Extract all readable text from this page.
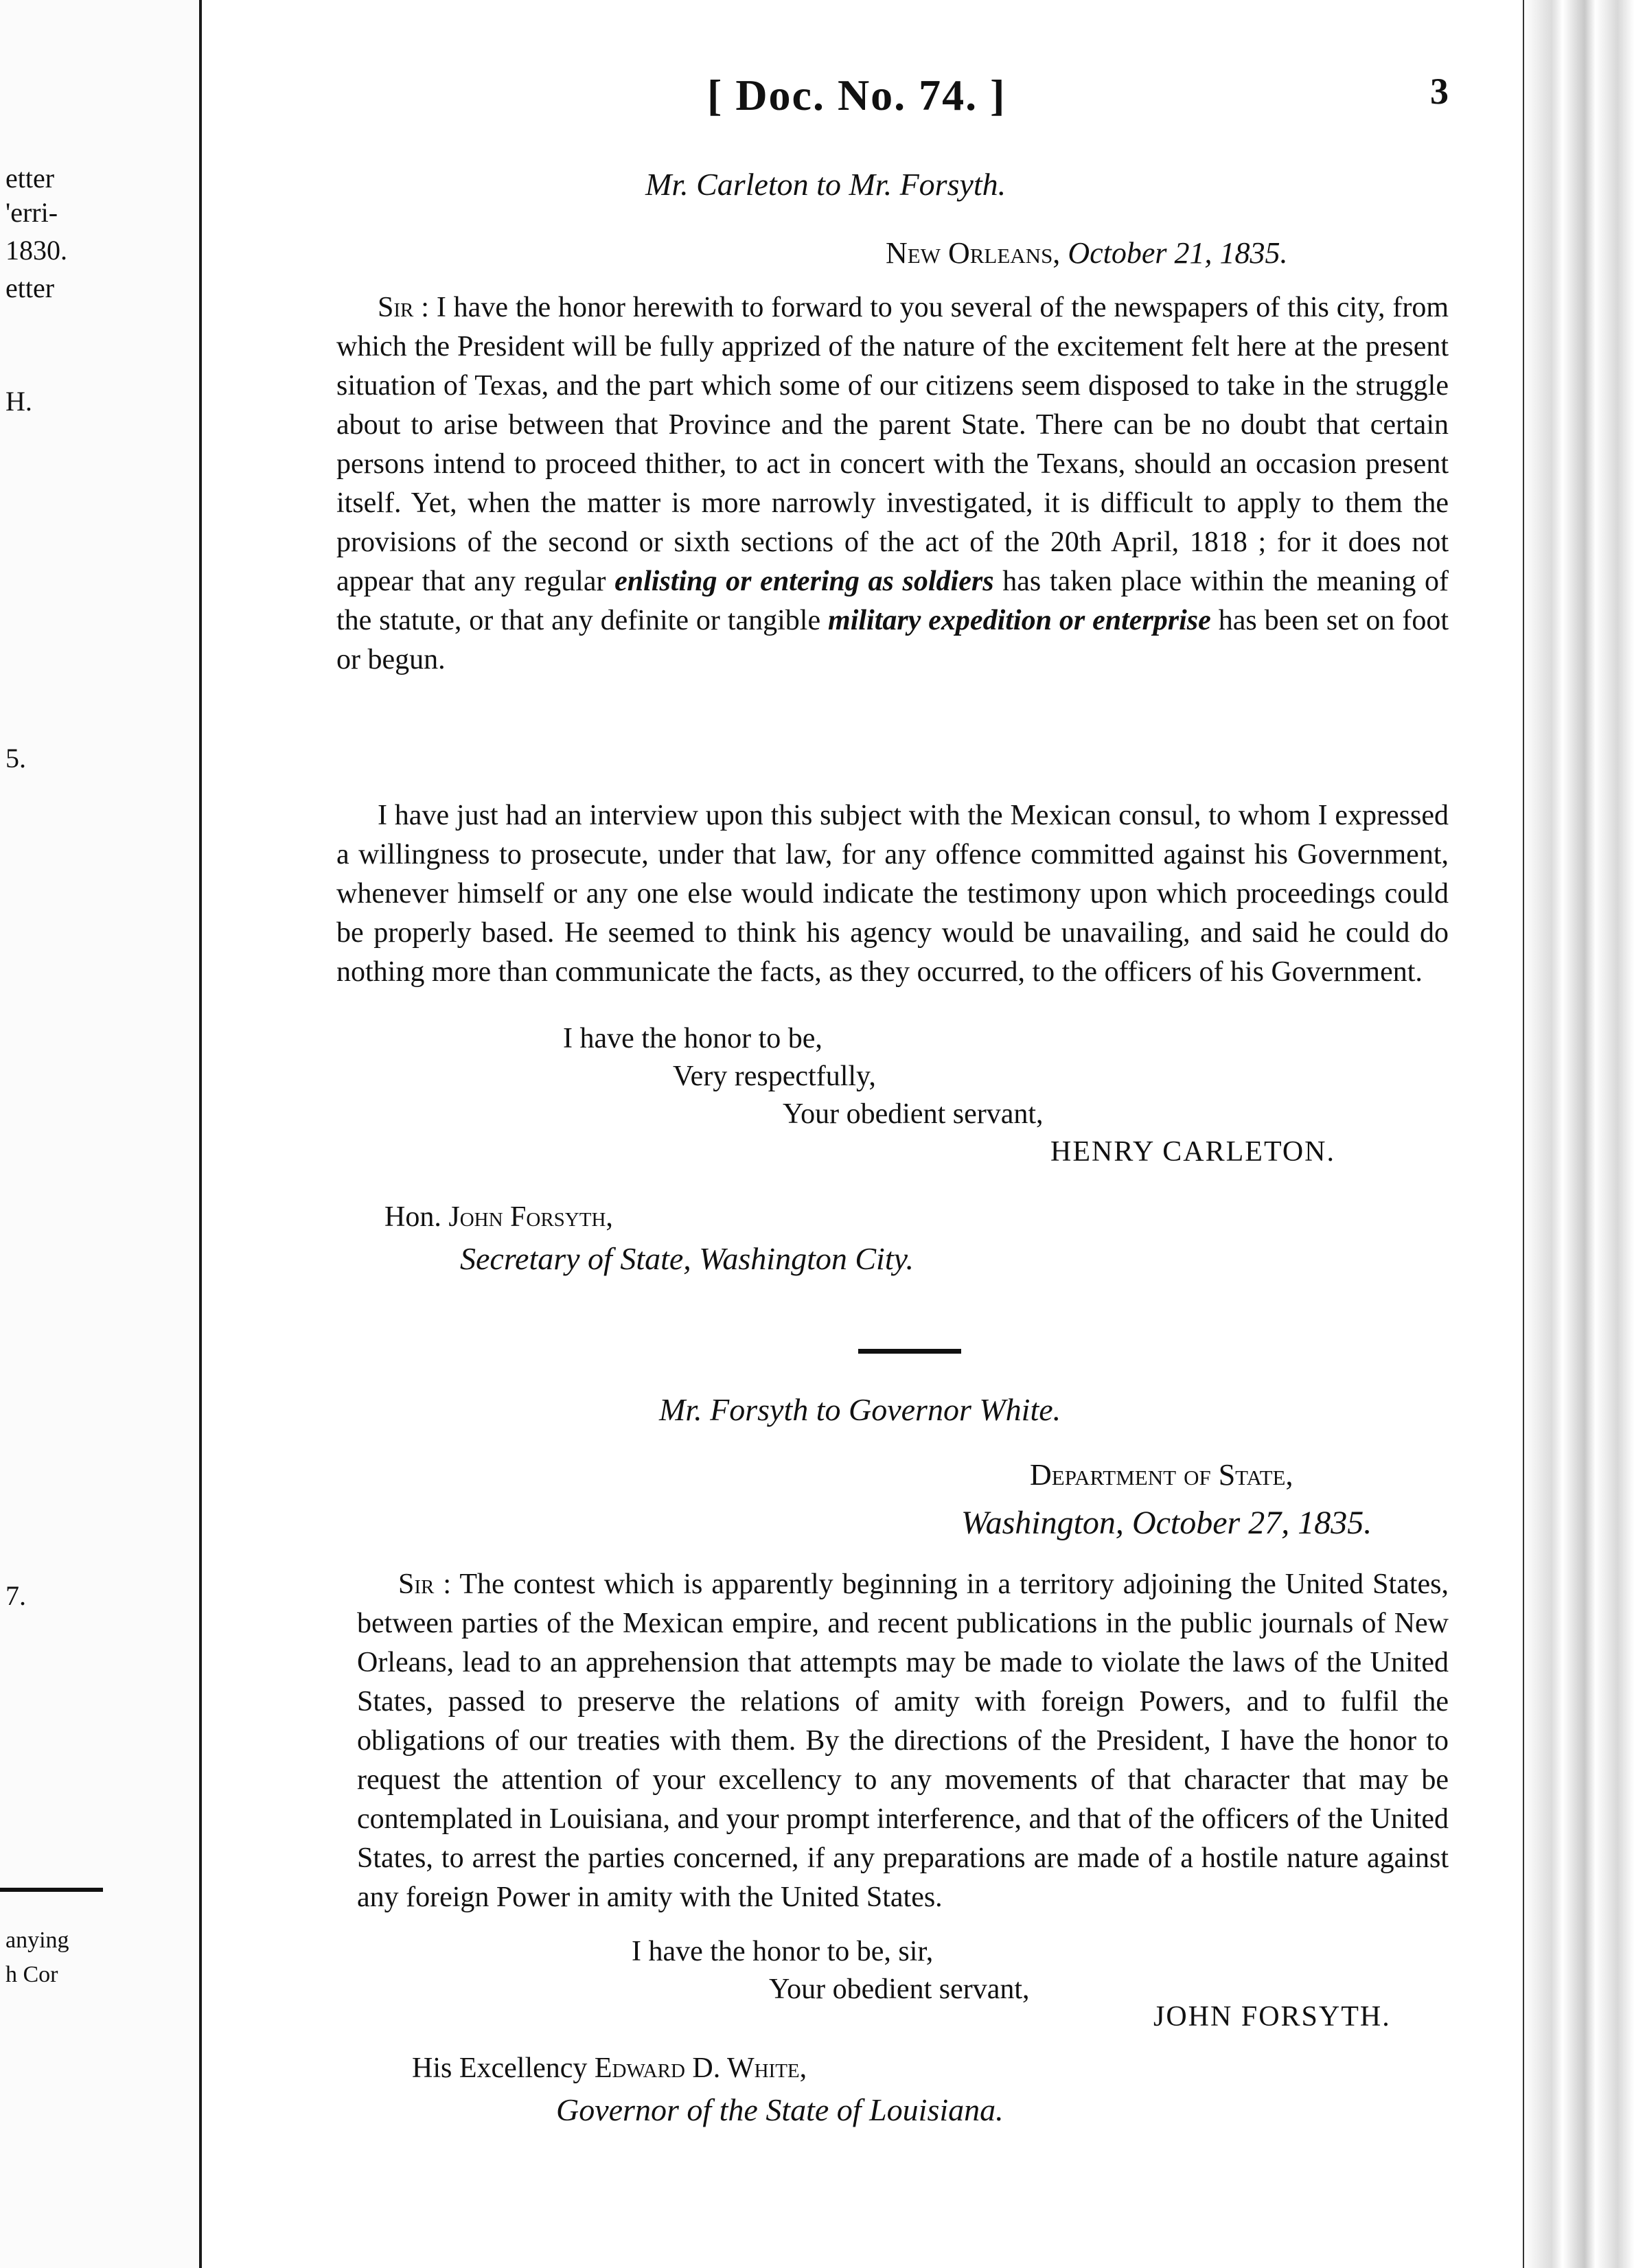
etter
'erri-
1830.
etter
H.
5.
7.
anying
h Cor
[ Doc. No. 74. ]	3
Mr. Carleton to Mr. Forsyth.
New Orleans, October 21, 1835.
Sir : I have the honor herewith to forward to you several of the newspapers of this city, from which the President will be fully apprized of the nature of the excitement felt here at the present situation of Texas, and the part which some of our citizens seem disposed to take in the struggle about to arise between that Province and the parent State. There can be no doubt that certain persons intend to proceed thither, to act in concert with the Texans, should an occasion present itself. Yet, when the matter is more narrowly investigated, it is difficult to apply to them the provisions of the second or sixth sections of the act of the 20th April, 1818 ; for it does not appear that any regular enlisting or entering as soldiers has taken place within the meaning of the statute, or that any definite or tangible military expedition or enterprise has been set on foot or begun.
I have just had an interview upon this subject with the Mexican consul, to whom I expressed a willingness to prosecute, under that law, for any offence committed against his Government, whenever himself or any one else would indicate the testimony upon which proceedings could be properly based. He seemed to think his agency would be unavailing, and said he could do nothing more than communicate the facts, as they occurred, to the officers of his Government.
I have the honor to be,
Very respectfully,
Your obedient servant,
HENRY CARLETON.
Hon. John Forsyth,
Secretary of State, Washington City.
Mr. Forsyth to Governor White.
Department of State,
Washington, October 27, 1835.
Sir : The contest which is apparently beginning in a territory adjoining the United States, between parties of the Mexican empire, and recent publications in the public journals of New Orleans, lead to an apprehension that attempts may be made to violate the laws of the United States, passed to preserve the relations of amity with foreign Powers, and to fulfil the obligations of our treaties with them. By the directions of the President, I have the honor to request the attention of your excellency to any movements of that character that may be contemplated in Louisiana, and your prompt interference, and that of the officers of the United States, to arrest the parties concerned, if any preparations are made of a hostile nature against any foreign Power in amity with the United States.
I have the honor to be, sir,
Your obedient servant,
JOHN FORSYTH.
His Excellency Edward D. White,
Governor of the State of Louisiana.
